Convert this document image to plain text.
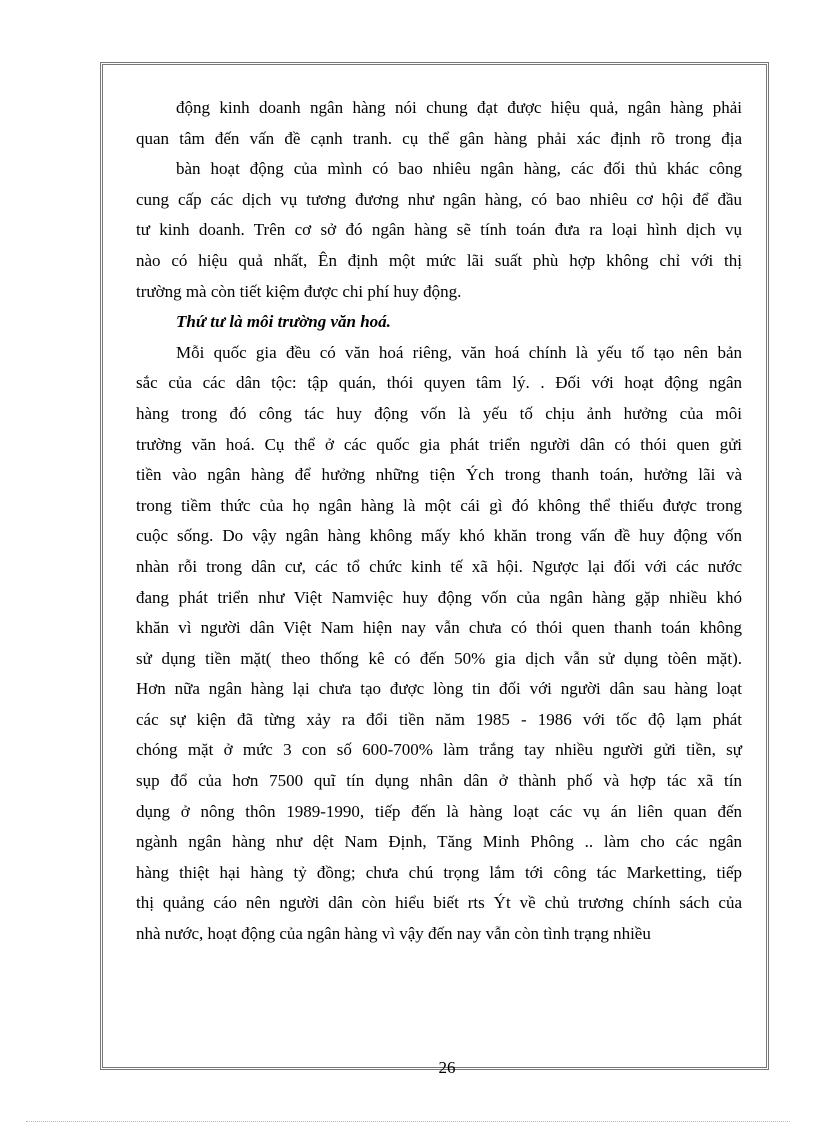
động kinh doanh ngân hàng nói chung đạt được hiệu quả, ngân hàng phải
quan tâm đến vấn đề cạnh tranh. cụ thể gân hàng phải xác định rõ trong địa
bàn hoạt động của mình có bao nhiêu ngân hàng, các đối thủ khác công
cung cấp các dịch vụ tương đương như ngân hàng, có bao nhiêu cơ hội để đầu
tư kinh doanh. Trên cơ sở đó ngân hàng sẽ tính toán đưa ra loại hình dịch vụ
nào có hiệu quả nhất, Ên định một mức lãi suất phù hợp không chỉ với thị
trường mà còn tiết kiệm được chi phí huy động.
Thứ tư là môi trường văn hoá.
Mỗi quốc gia đều có văn hoá riêng, văn hoá chính là yếu tố tạo nên bản
sắc của các dân tộc: tập quán, thói quyen tâm lý. . Đối với hoạt động ngân
hàng trong đó công tác huy động vốn là yếu tố chịu ảnh hưởng của môi
trường văn hoá. Cụ thể ở các quốc gia phát triển người dân có thói quen gửi
tiền vào ngân hàng để hưởng những tiện Ých trong thanh toán, hưởng lãi và
trong tiềm thức của họ ngân hàng là một cái gì đó không thể thiếu được trong
cuộc sống. Do vậy ngân hàng không mấy khó khăn trong vấn đề huy động vốn
nhàn rỗi trong dân cư, các tổ chức kinh tế xã hội. Ngược lại đối với các nước
đang phát triển như Việt Namviệc huy động vốn của ngân hàng gặp nhiều khó
khăn vì người dân Việt Nam hiện nay vẫn chưa có thói quen thanh toán không
sử dụng tiền mặt( theo thống kê có đến 50% gia dịch vẫn sử dụng tòên mặt).
Hơn nữa ngân hàng lại chưa tạo được lòng tin đối với người dân sau hàng loạt
các sự kiện đã từng xảy ra đổi tiền năm 1985 - 1986 với tốc độ lạm phát
chóng mặt ở mức 3 con số 600-700% làm trắng tay nhiều người gửi tiền, sự
sụp đổ của hơn 7500 quĩ tín dụng nhân dân ở thành phố và hợp tác xã tín
dụng ở nông thôn 1989-1990, tiếp đến là hàng loạt các vụ án liên quan đến
ngành ngân hàng như dệt Nam Định, Tăng Minh Phông .. làm cho các ngân
hàng thiệt hại hàng tỷ đồng; chưa chú trọng lắm tới công tác Marketting, tiếp
thị quảng cáo nên người dân còn hiểu biết rts Ýt về chủ trương chính sách của
nhà nước, hoạt động của ngân hàng vì vậy đến nay vẫn còn tình trạng nhiều
26
